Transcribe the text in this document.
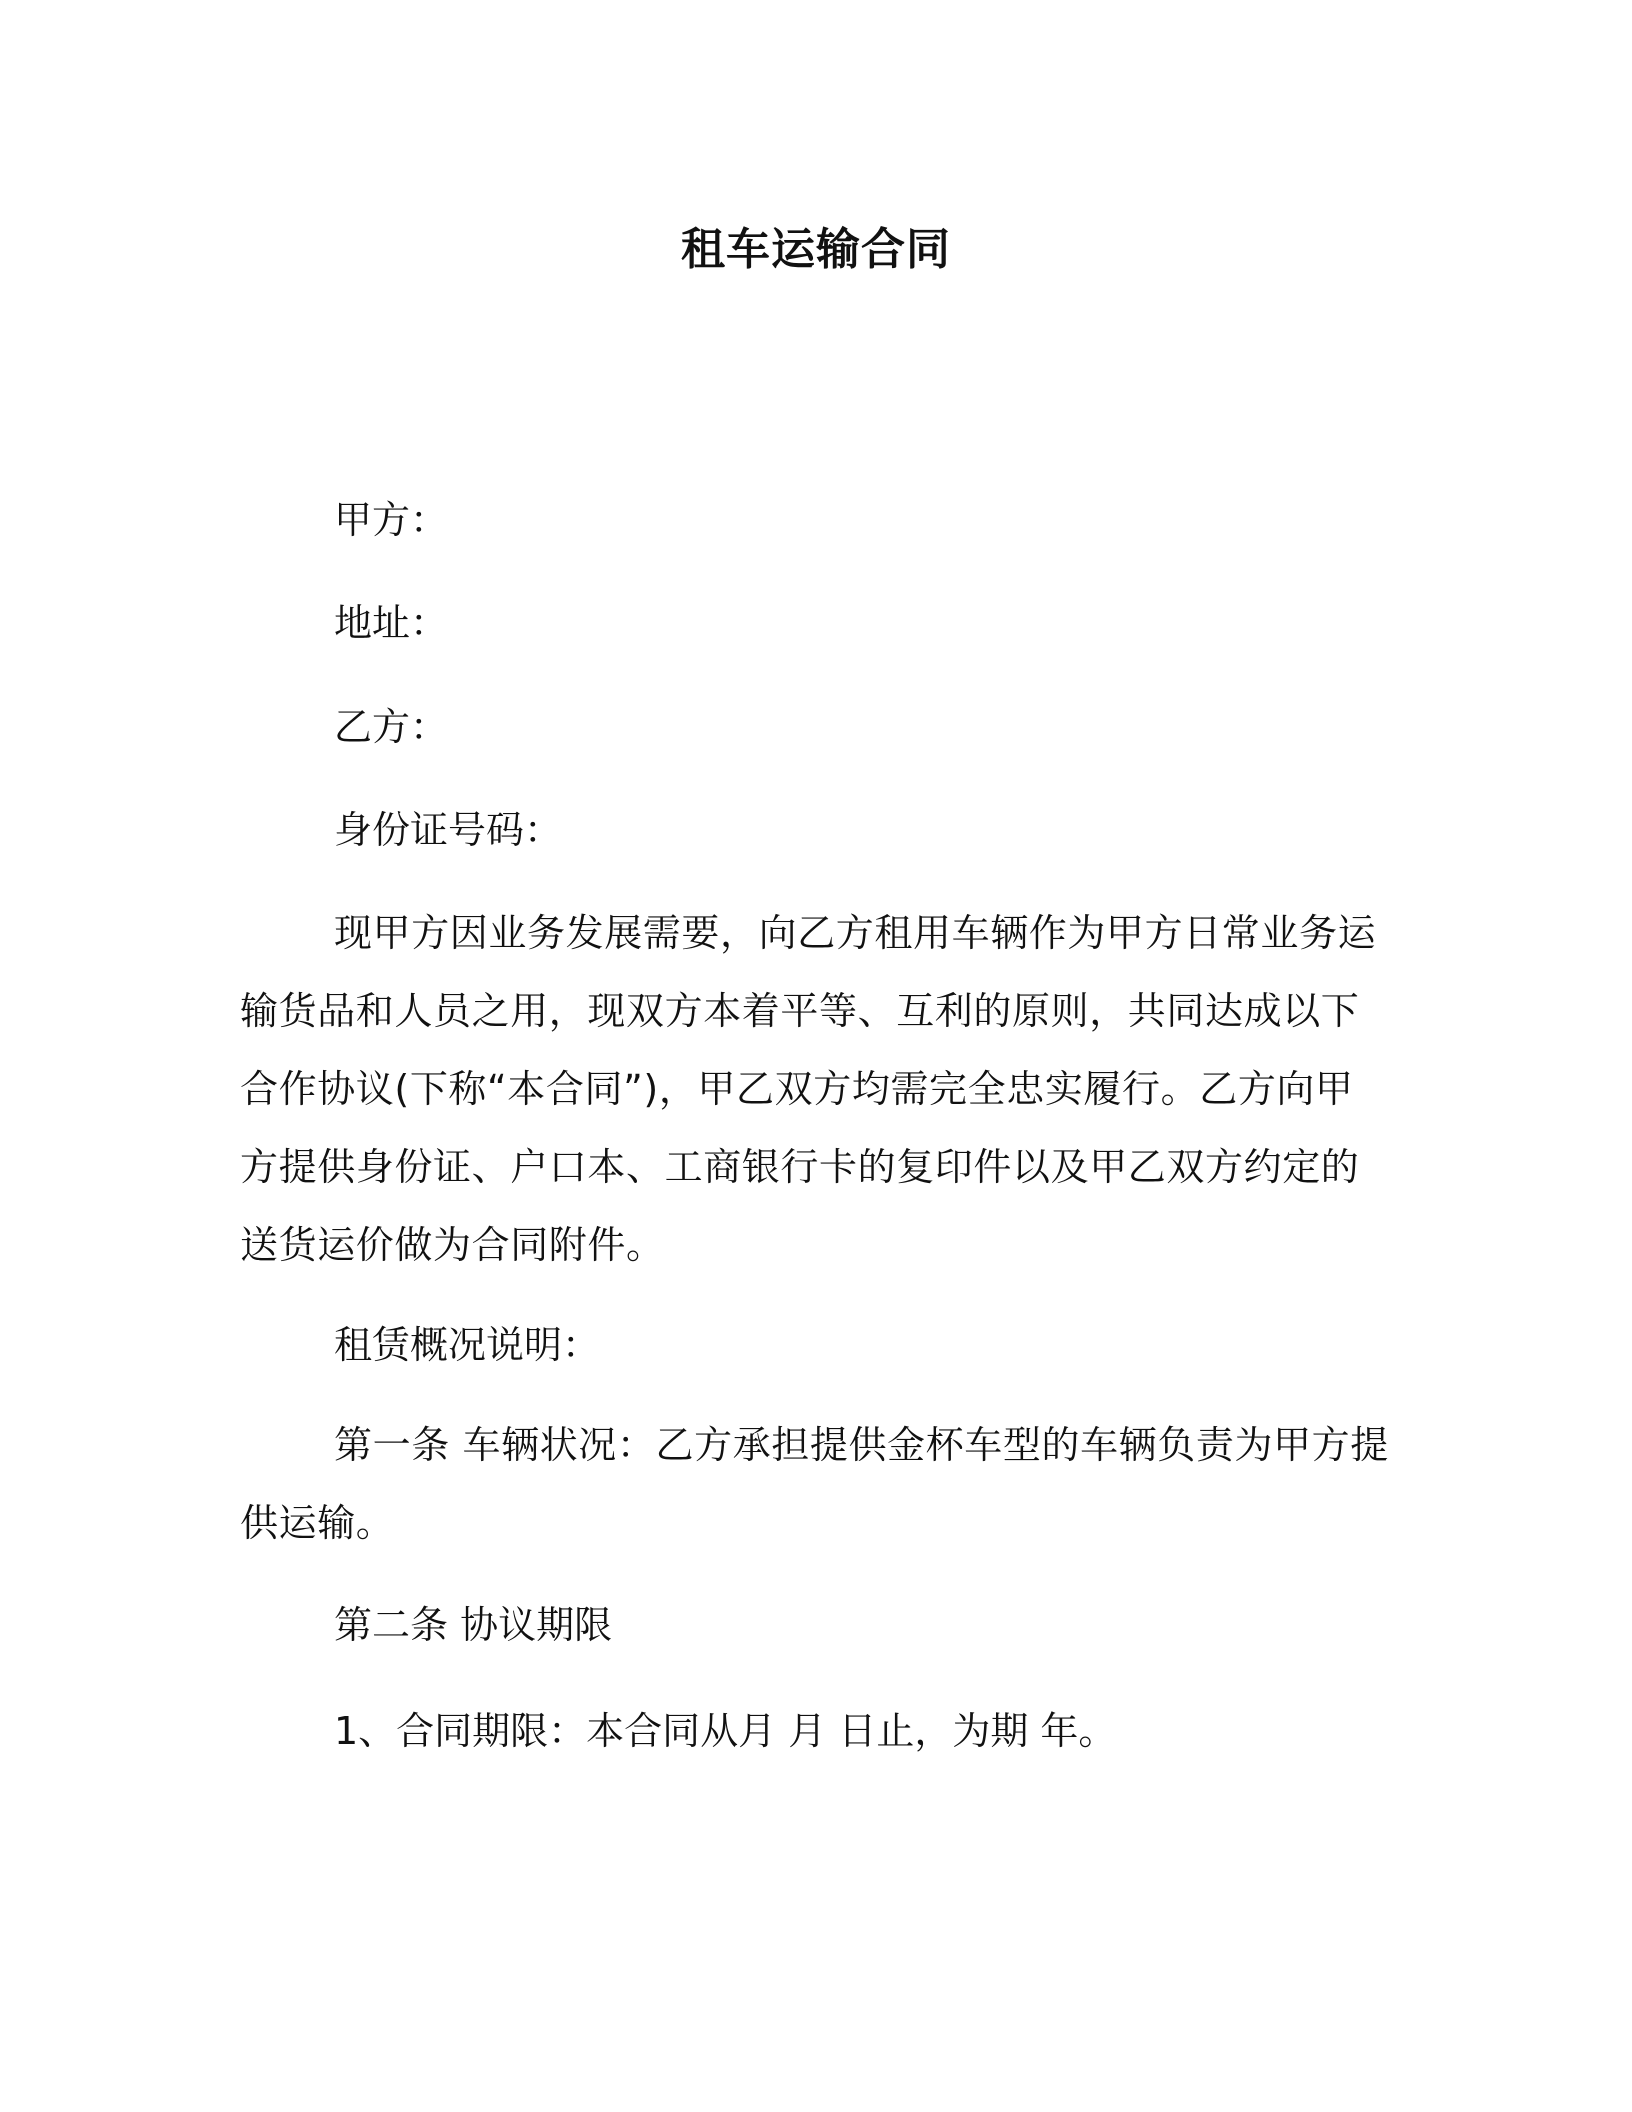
租车运输合同
甲方：
地址：
乙方：
身份证号码：
现甲方因业务发展需要，向乙方租用车辆作为甲方日常业务运输货品和人员之用，现双方本着平等、互利的原则，共同达成以下合作协议(下称“本合同”)，甲乙双方均需完全忠实履行。乙方向甲方提供身份证、户口本、工商银行卡的复印件以及甲乙双方约定的送货运价做为合同附件。
租赁概况说明：
第一条 车辆状况：乙方承担提供金杯车型的车辆负责为甲方提供运输。
第二条 协议期限
1、合同期限：本合同从月 月 日止，为期 年。
